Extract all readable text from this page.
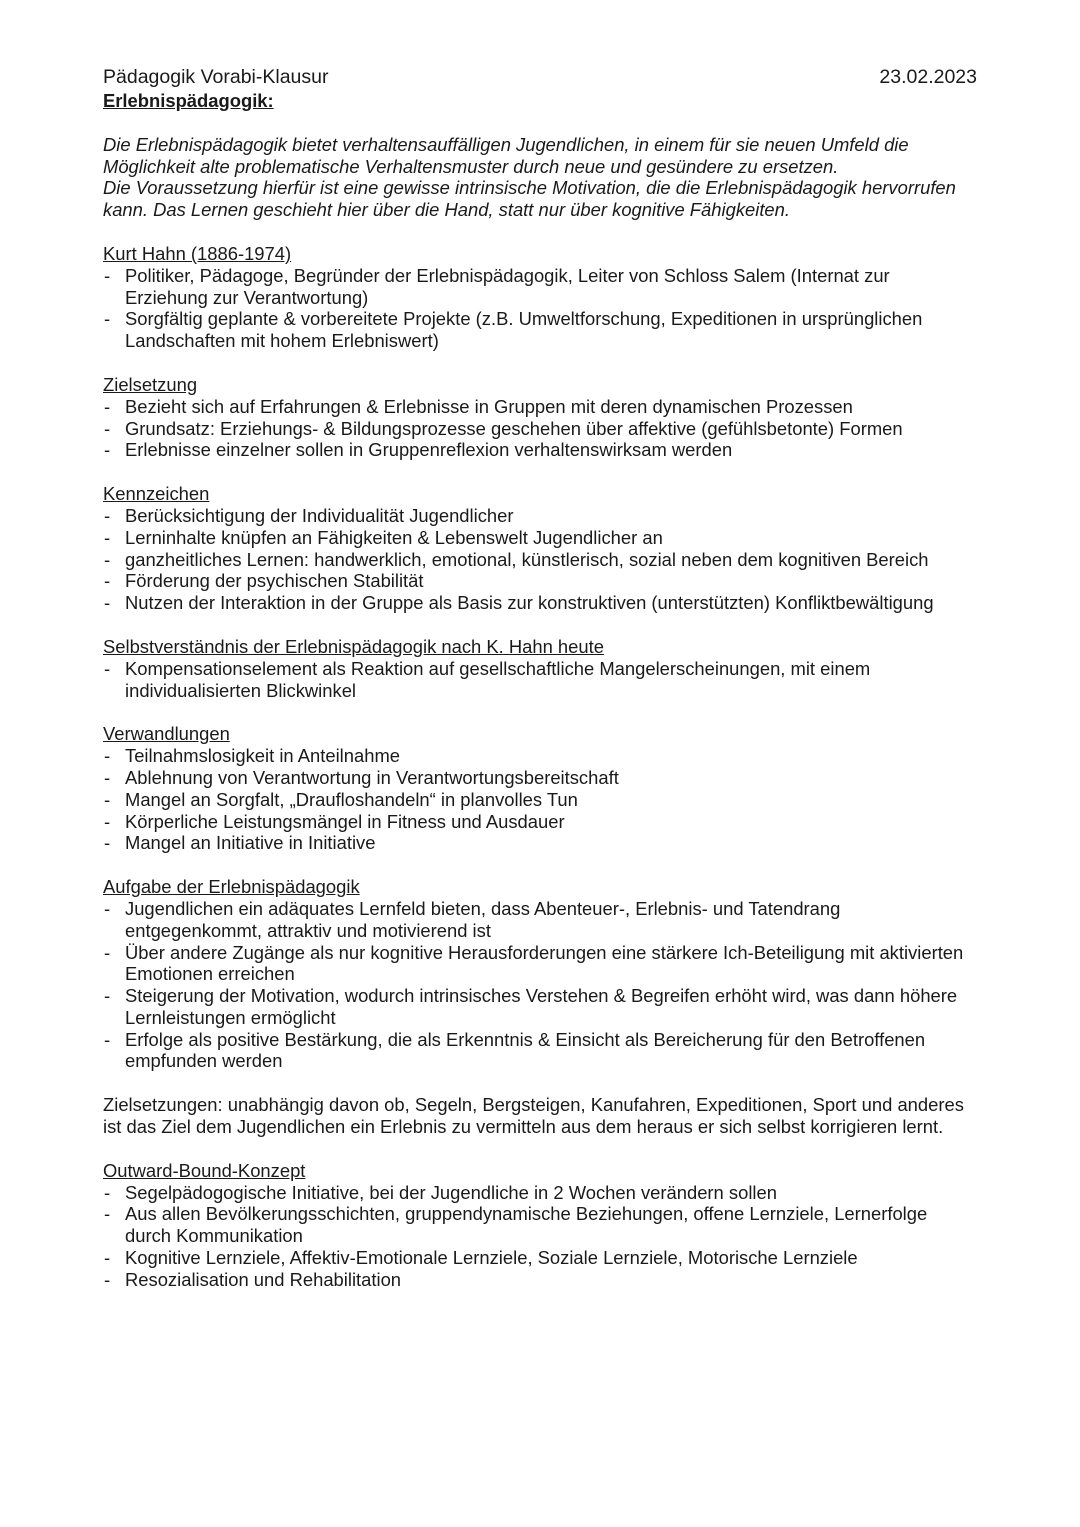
Pädagogik Vorabi-Klausur	23.02.2023
Erlebnispädagogik:

Die Erlebnispädagogik bietet verhaltensauffälligen Jugendlichen, in einem für sie neuen Umfeld die Möglichkeit alte problematische Verhaltensmuster durch neue und gesündere zu ersetzen.

Die Voraussetzung hierfür ist eine gewisse intrinsische Motivation, die die Erlebnispädagogik hervorrufen kann. Das Lernen geschieht hier über die Hand, statt nur über kognitive Fähigkeiten.

Kurt Hahn (1886-1974)
- Politiker, Pädagoge, Begründer der Erlebnispädagogik, Leiter von Schloss Salem (Internat zur Erziehung zur Verantwortung)
- Sorgfältig geplante & vorbereitete Projekte (z.B. Umweltforschung, Expeditionen in ursprünglichen Landschaften mit hohem Erlebniswert)
Zielsetzung
- Bezieht sich auf Erfahrungen & Erlebnisse in Gruppen mit deren dynamischen Prozessen
- Grundsatz: Erziehungs- & Bildungsprozesse geschehen über affektive (gefühlsbetonte) Formen
- Erlebnisse einzelner sollen in Gruppenreflexion verhaltenswirksam werden
Kennzeichen
- Berücksichtigung der Individualität Jugendlicher
- Lerninhalte knüpfen an Fähigkeiten & Lebenswelt Jugendlicher an
- ganzheitliches Lernen: handwerklich, emotional, künstlerisch, sozial neben dem kognitiven Bereich
- Förderung der psychischen Stabilität
- Nutzen der Interaktion in der Gruppe als Basis zur konstruktiven (unterstützten) Konfliktbewältigung
Selbstverständnis der Erlebnispädagogik nach K. Hahn heute
- Kompensationselement als Reaktion auf gesellschaftliche Mangelerscheinungen, mit einem individualisierten Blickwinkel
Verwandlungen
- Teilnahmslosigkeit in Anteilnahme
- Ablehnung von Verantwortung in Verantwortungsbereitschaft
- Mangel an Sorgfalt, „Draufloshandeln“ in planvolles Tun
- Körperliche Leistungsmängel in Fitness und Ausdauer
- Mangel an Initiative in Initiative
Aufgabe der Erlebnispädagogik
- Jugendlichen ein adäquates Lernfeld bieten, dass Abenteuer-, Erlebnis- und Tatendrang entgegenkommt, attraktiv und motivierend ist
- Über andere Zugänge als nur kognitive Herausforderungen eine stärkere Ich-Beteiligung mit aktivierten Emotionen erreichen
- Steigerung der Motivation, wodurch intrinsisches Verstehen & Begreifen erhöht wird, was dann höhere Lernleistungen ermöglicht
- Erfolge als positive Bestärkung, die als Erkenntnis & Einsicht als Bereicherung für den Betroffenen empfunden werden
Zielsetzungen: unabhängig davon ob, Segeln, Bergsteigen, Kanufahren, Expeditionen, Sport und anderes ist das Ziel dem Jugendlichen ein Erlebnis zu vermitteln aus dem heraus er sich selbst korrigieren lernt.
Outward-Bound-Konzept
- Segelpädogogische Initiative, bei der Jugendliche in 2 Wochen verändern sollen
- Aus allen Bevölkerungsschichten, gruppendynamische Beziehungen, offene Lernziele, Lernerfolge durch Kommunikation
- Kognitive Lernziele, Affektiv-Emotionale Lernziele, Soziale Lernziele, Motorische Lernziele
- Resozialisation und Rehabilitation
